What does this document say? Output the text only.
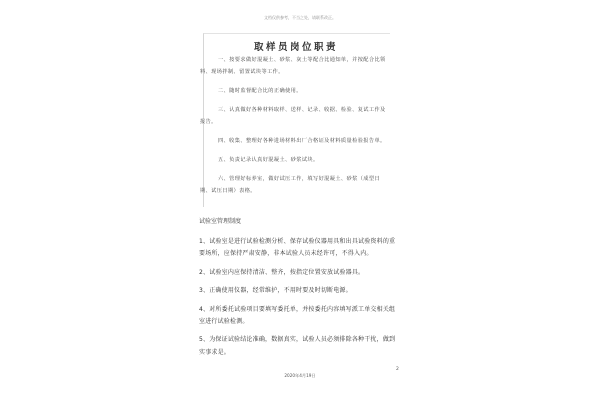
文档仅供参考，不当之处，请联系改正。
取样员岗位职责

一、按要求做好混凝土、砂浆、灰土等配合比通知单，并按配合比领料、现场拌制、留置试块等工作。

二、随时监督配合比的正确使用。

三、认真做好各种材料取样、送样、记录、收据、检验、复试工作及报告。

四、收集、整理好各种进场材料出厂合格证及材料质量检验报告单。

五、负责记录认真好混凝土、砂浆试块。

六、管理好标养室，做好试压工作，填写好混凝土、砂浆（成型日期、试压日期）表格。

试验室管理制度

1、试验室是进行试验检测分析、保存试验仪器用具和出具试验资料的重要场所，应保持严肃安静，非本试验人员未经许可，不得入内。

2、试验室内应保持清洁、整齐，按指定位置安放试验器具。

3、正确使用仪器，经常维护，不用时要及时切断电源。

4、对所委托试验项目要填写委托单，并按委托内容填写派工单交相关组室进行试验检测。

5、为保证试验结论准确，数据真实，试验人员必须排除各种干扰，做到实事求是。

2
2020年4月19日
